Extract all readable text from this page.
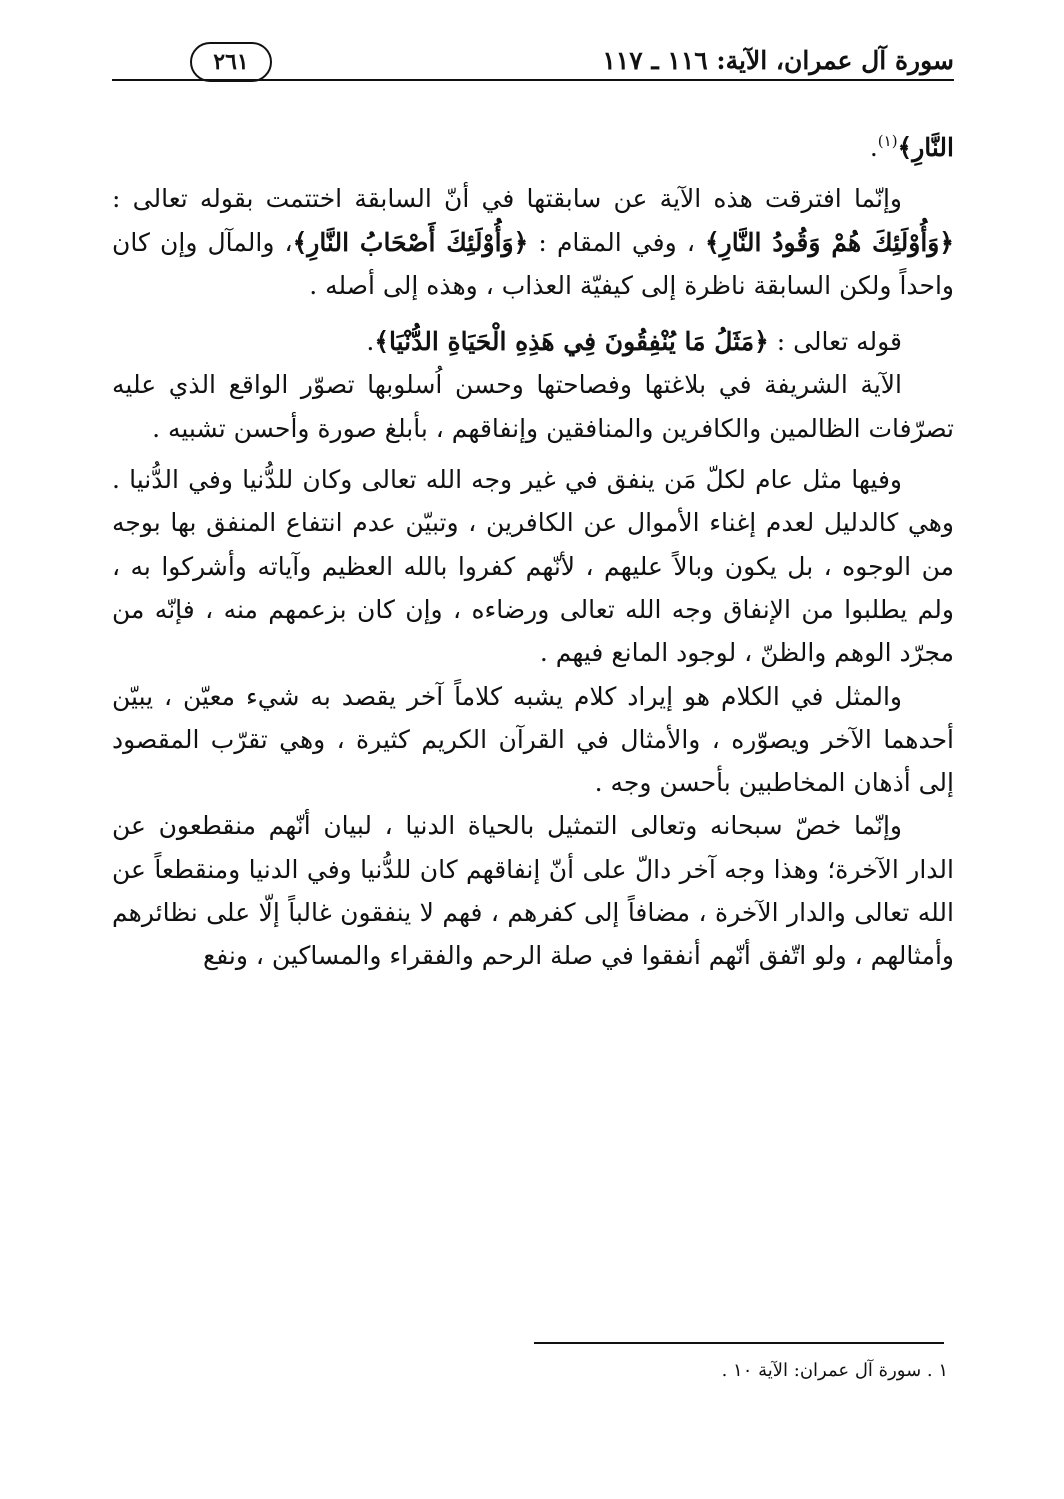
سورة آل عمران، الآية: ١١٦ ـ ١١٧
٢٦١

النَّارِ﴾$^{(١)}$.

وإنّما افترقت هذه الآية عن سابقتها في أنّ السابقة اختتمت بقوله تعالى : ﴿وَأُوْلَئِكَ هُمْ وَقُودُ النَّارِ﴾ ، وفي المقام : ﴿وَأُوْلَئِكَ أَصْحَابُ النَّارِ﴾، والمآل وإن كان واحداً ولكن السابقة ناظرة إلى كيفيّة العذاب ، وهذه إلى أصله .

قوله تعالى : ﴿مَثَلُ مَا يُنْفِقُونَ فِي هَذِهِ الْحَيَاةِ الدُّنْيَا﴾.

الآية الشريفة في بلاغتها وفصاحتها وحسن اُسلوبها تصوّر الواقع الذي عليه تصرّفات الظالمين والكافرين والمنافقين وإنفاقهم ، بأبلغ صورة وأحسن تشبيه .

وفيها مثل عام لكلّ مَن ينفق في غير وجه الله تعالى وكان للدُّنيا وفي الدُّنيا . وهي كالدليل لعدم إغناء الأموال عن الكافرين ، وتبيّن عدم انتفاع المنفق بها بوجه من الوجوه ، بل يكون وبالاً عليهم ، لأنّهم كفروا بالله العظيم وآياته وأشركوا به ، ولم يطلبوا من الإنفاق وجه الله تعالى ورضاءه ، وإن كان بزعمهم منه ، فإنّه من مجرّد الوهم والظنّ ، لوجود المانع فيهم .

والمثل في الكلام هو إيراد كلام يشبه كلاماً آخر يقصد به شيء معيّن ، يبيّن أحدهما الآخر ويصوّره ، والأمثال في القرآن الكريم كثيرة ، وهي تقرّب المقصود إلى أذهان المخاطبين بأحسن وجه .

وإنّما خصّ سبحانه وتعالى التمثيل بالحياة الدنيا ، لبيان أنّهم منقطعون عن الدار الآخرة؛ وهذا وجه آخر دالّ على أنّ إنفاقهم كان للدُّنيا وفي الدنيا ومنقطعاً عن الله تعالى والدار الآخرة ، مضافاً إلى كفرهم ، فهم لا ينفقون غالباً إلّا على نظائرهم وأمثالهم ، ولو اتّفق أنّهم أنفقوا في صلة الرحم والفقراء والمساكين ، ونفع

١ . سورة آل عمران: الآية ١٠ .
